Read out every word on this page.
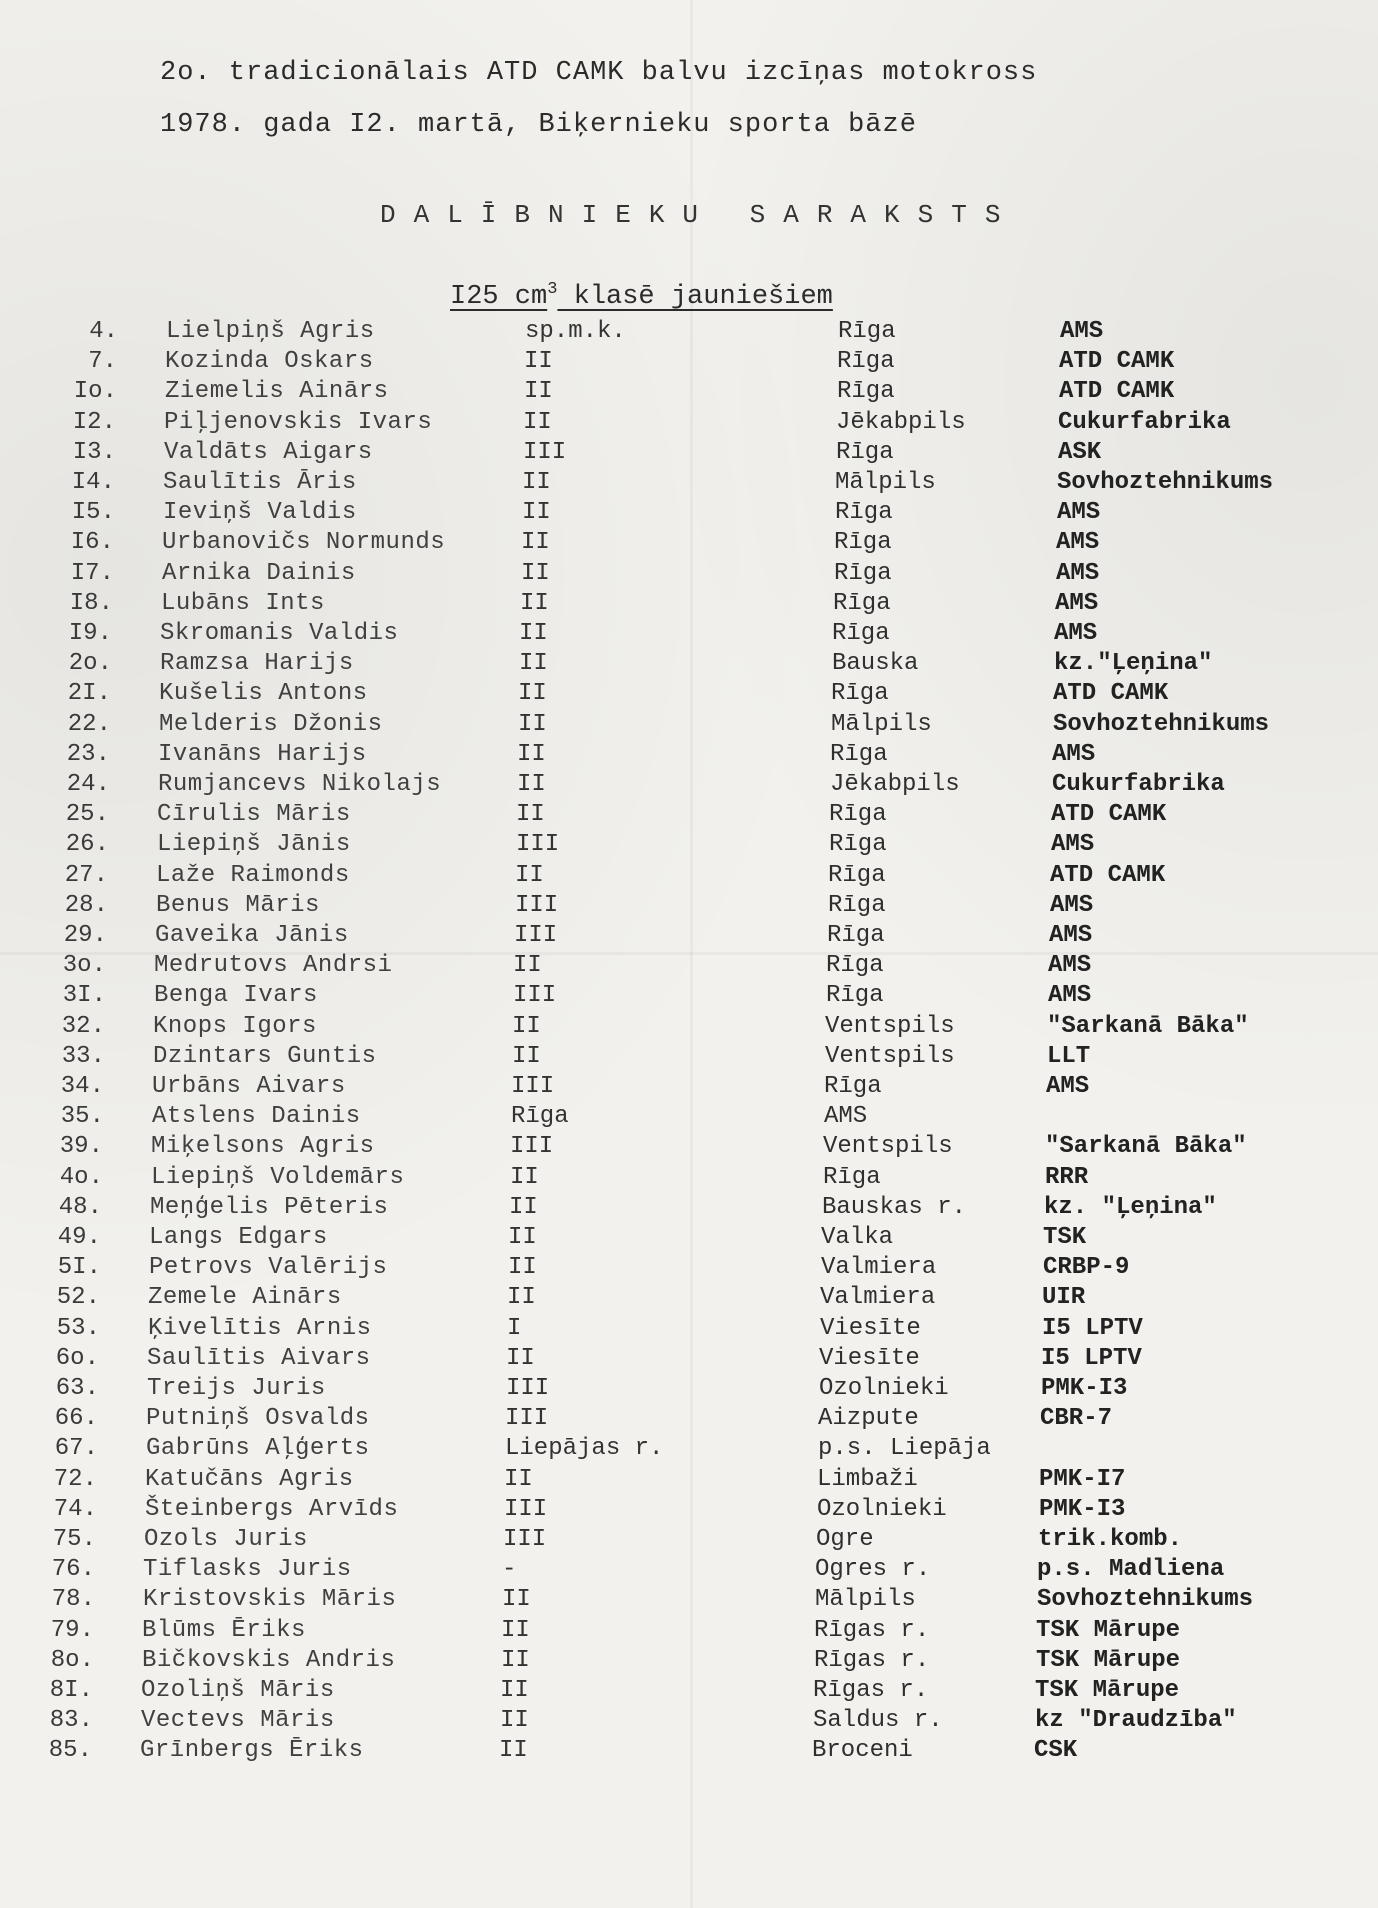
2o. tradicionālais ATD CAMK balvu izcīņas motokross
1978. gada I2. martā, Biķernieku sporta bāzē
DALĪBNIEKU SARAKSTS
I25 $cm^3$ klasē jauniešiem
4. Lielpiņš Agris	sp.m.k.	Rīga	AMS
7. Kozinda Oskars	II	Rīga	ATD CAMK
Io. Ziemelis Ainārs	II	Rīga	ATD CAMK
I2. Piļjenovskis Ivars	II	Jēkabpils	Cukurfabrika
I3. Valdāts Aigars	III	Rīga	ASK
I4. Saulītis Āris	II	Mālpils	Sovhoztehnikums
I5. Ieviņš Valdis	II	Rīga	AMS
I6. Urbanovičs Normunds	II	Rīga	AMS
I7. Arnika Dainis	II	Rīga	AMS
I8. Lubāns Ints	II	Rīga	AMS
I9. Skromanis Valdis	II	Rīga	AMS
2o. Ramzsa Harijs	II	Bauska	kz."Ļeņina"
2I. Kušelis Antons	II	Rīga	ATD CAMK
22. Melderis Džonis	II	Mālpils	Sovhoztehnikums
23. Ivanāns Harijs	II	Rīga	AMS
24. Rumjancevs Nikolajs	II	Jēkabpils	Cukurfabrika
25. Cīrulis Māris	II	Rīga	ATD CAMK
26. Liepiņš Jānis	III	Rīga	AMS
27. Laže Raimonds	II	Rīga	ATD CAMK
28. Benus Māris	III	Rīga	AMS
29. Gaveika Jānis	III	Rīga	AMS
3o. Medrutovs Andrsi	II	Rīga	AMS
3I. Benga Ivars	III	Rīga	AMS
32. Knops Igors	II	Ventspils	"Sarkanā Bāka"
33. Dzintars Guntis	II	Ventspils	LLT
34. Urbāns Aivars	III	Rīga	AMS
35. Atslens Dainis	Rīga	AMS
39. Miķelsons Agris	III	Ventspils	"Sarkanā Bāka"
4o. Liepiņš Voldemārs	II	Rīga	RRR
48. Meņģelis Pēteris	II	Bauskas r.	kz. "Ļeņina"
49. Langs Edgars	II	Valka	TSK
5I. Petrovs Valērijs	II	Valmiera	CRBP-9
52. Zemele Ainārs	II	Valmiera	UIR
53. Ķivelītis Arnis	I	Viesīte	I5 LPTV
6o. Saulītis Aivars	II	Viesīte	I5 LPTV
63. Treijs Juris	III	Ozolnieki	PMK-I3
66. Putniņš Osvalds	III	Aizpute	CBR-7
67. Gabrūns Aļģerts	Liepājas r.	p.s. Liepāja
72. Katučāns Agris	II	Limbaži	PMK-I7
74. Šteinbergs Arvīds	III	Ozolnieki	PMK-I3
75. Ozols Juris	III	Ogre	trik.komb.
76. Tiflasks Juris	-	Ogres r.	p.s. Madliena
78. Kristovskis Māris	II	Mālpils	Sovhoztehnikums
79. Blūms Ēriks	II	Rīgas r.	TSK Mārupe
8o. Bičkovskis Andris	II	Rīgas r.	TSK Mārupe
8I. Ozoliņš Māris	II	Rīgas r.	TSK Mārupe
83. Vectevs Māris	II	Saldus r.	kz "Draudzība"
85. Grīnbergs Ēriks	II	Broceni	CSK
